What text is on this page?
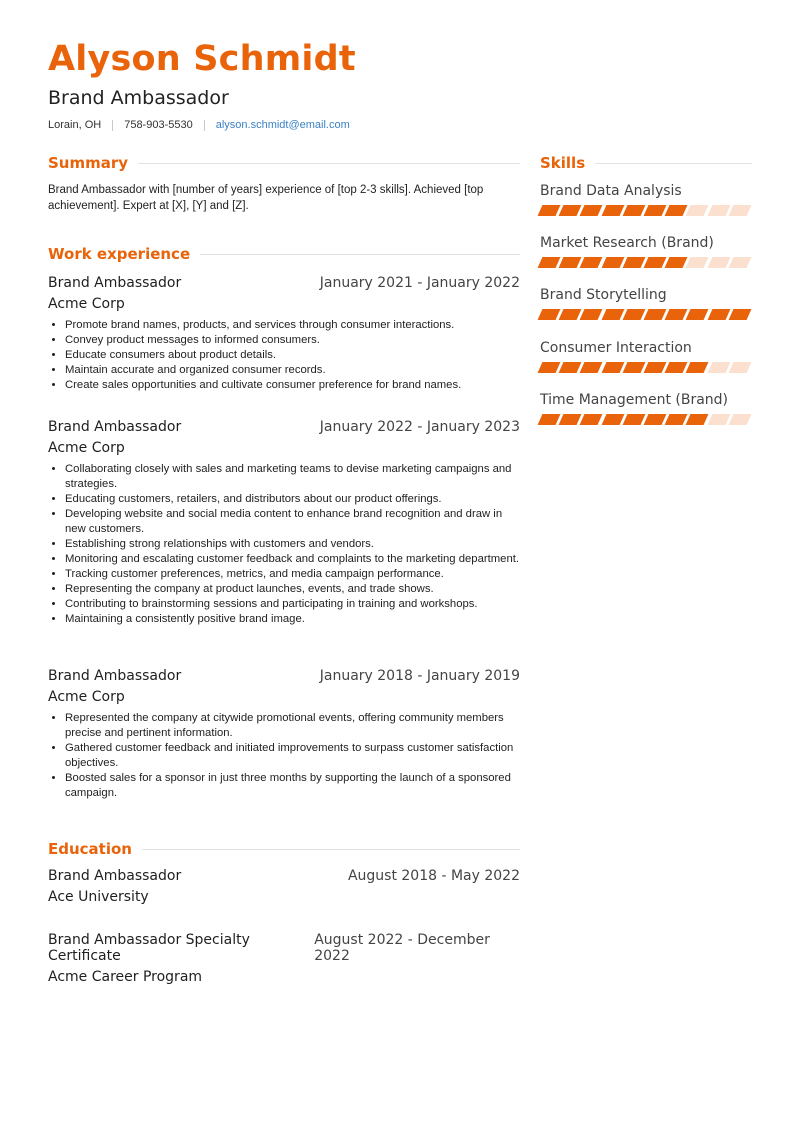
Alyson Schmidt
Brand Ambassador
Lorain, OH 758-903-5530 alyson.schmidt@email.com
Summary

Brand Ambassador with [number of years] experience of [top 2-3 skills]. Achieved [top achievement]. Expert at [X], [Y] and [Z].

Work experience
Brand Ambassador	January 2021 - January 2022
Acme Corp
• Promote brand names, products, and services through consumer interactions.
• Convey product messages to informed consumers.
• Educate consumers about product details.
• Maintain accurate and organized consumer records.
• Create sales opportunities and cultivate consumer preference for brand names.
Brand Ambassador	January 2022 - January 2023
Acme Corp
• Collaborating closely with sales and marketing teams to devise marketing campaigns and strategies.
• Educating customers, retailers, and distributors about our product offerings.
• Developing website and social media content to enhance brand recognition and draw in new customers.
• Establishing strong relationships with customers and vendors.
• Monitoring and escalating customer feedback and complaints to the marketing department.
• Tracking customer preferences, metrics, and media campaign performance.
• Representing the company at product launches, events, and trade shows.
• Contributing to brainstorming sessions and participating in training and workshops.
• Maintaining a consistently positive brand image.
Brand Ambassador	January 2018 - January 2019
Acme Corp
• Represented the company at citywide promotional events, offering community members precise and pertinent information.
• Gathered customer feedback and initiated improvements to surpass customer satisfaction objectives.
• Boosted sales for a sponsor in just three months by supporting the launch of a sponsored campaign.
Education
Brand Ambassador	August 2018 - May 2022
Ace University
Brand Ambassador Specialty Certificate
August 2022 - December 2022
Acme Career Program
Skills
Brand Data Analysis
Market Research (Brand)
Brand Storytelling
Consumer Interaction
Time Management (Brand)
